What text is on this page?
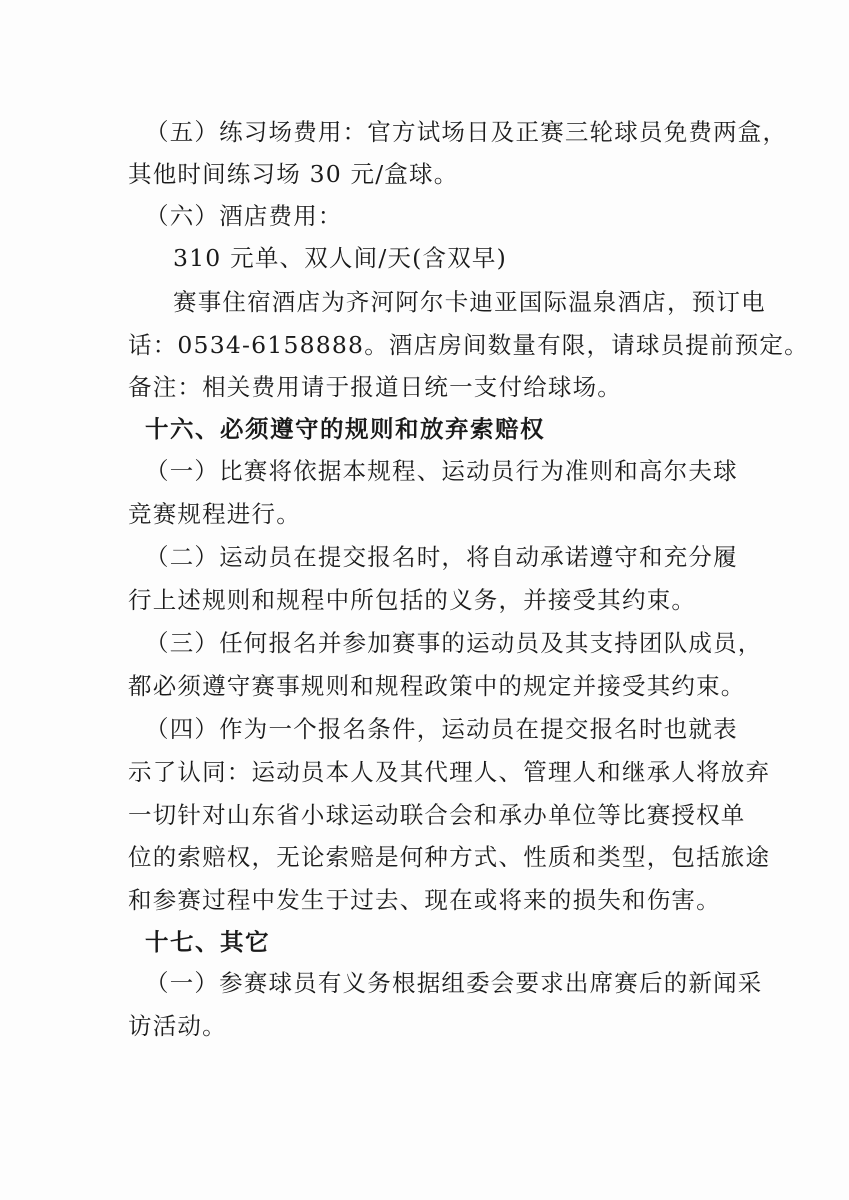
（五）练习场费用：官方试场日及正赛三轮球员免费两盒，
其他时间练习场 30 元/盒球。
（六）酒店费用：
310 元单、双人间/天(含双早)
赛事住宿酒店为齐河阿尔卡迪亚国际温泉酒店，预订电
话：0534-6158888。酒店房间数量有限，请球员提前预定。
备注：相关费用请于报道日统一支付给球场。
十六、必须遵守的规则和放弃索赔权
（一）比赛将依据本规程、运动员行为准则和高尔夫球
竞赛规程进行。
（二）运动员在提交报名时，将自动承诺遵守和充分履
行上述规则和规程中所包括的义务，并接受其约束。
（三）任何报名并参加赛事的运动员及其支持团队成员，
都必须遵守赛事规则和规程政策中的规定并接受其约束。
（四）作为一个报名条件，运动员在提交报名时也就表
示了认同：运动员本人及其代理人、管理人和继承人将放弃
一切针对山东省小球运动联合会和承办单位等比赛授权单
位的索赔权，无论索赔是何种方式、性质和类型，包括旅途
和参赛过程中发生于过去、现在或将来的损失和伤害。
十七、其它
（一）参赛球员有义务根据组委会要求出席赛后的新闻采
访活动。
